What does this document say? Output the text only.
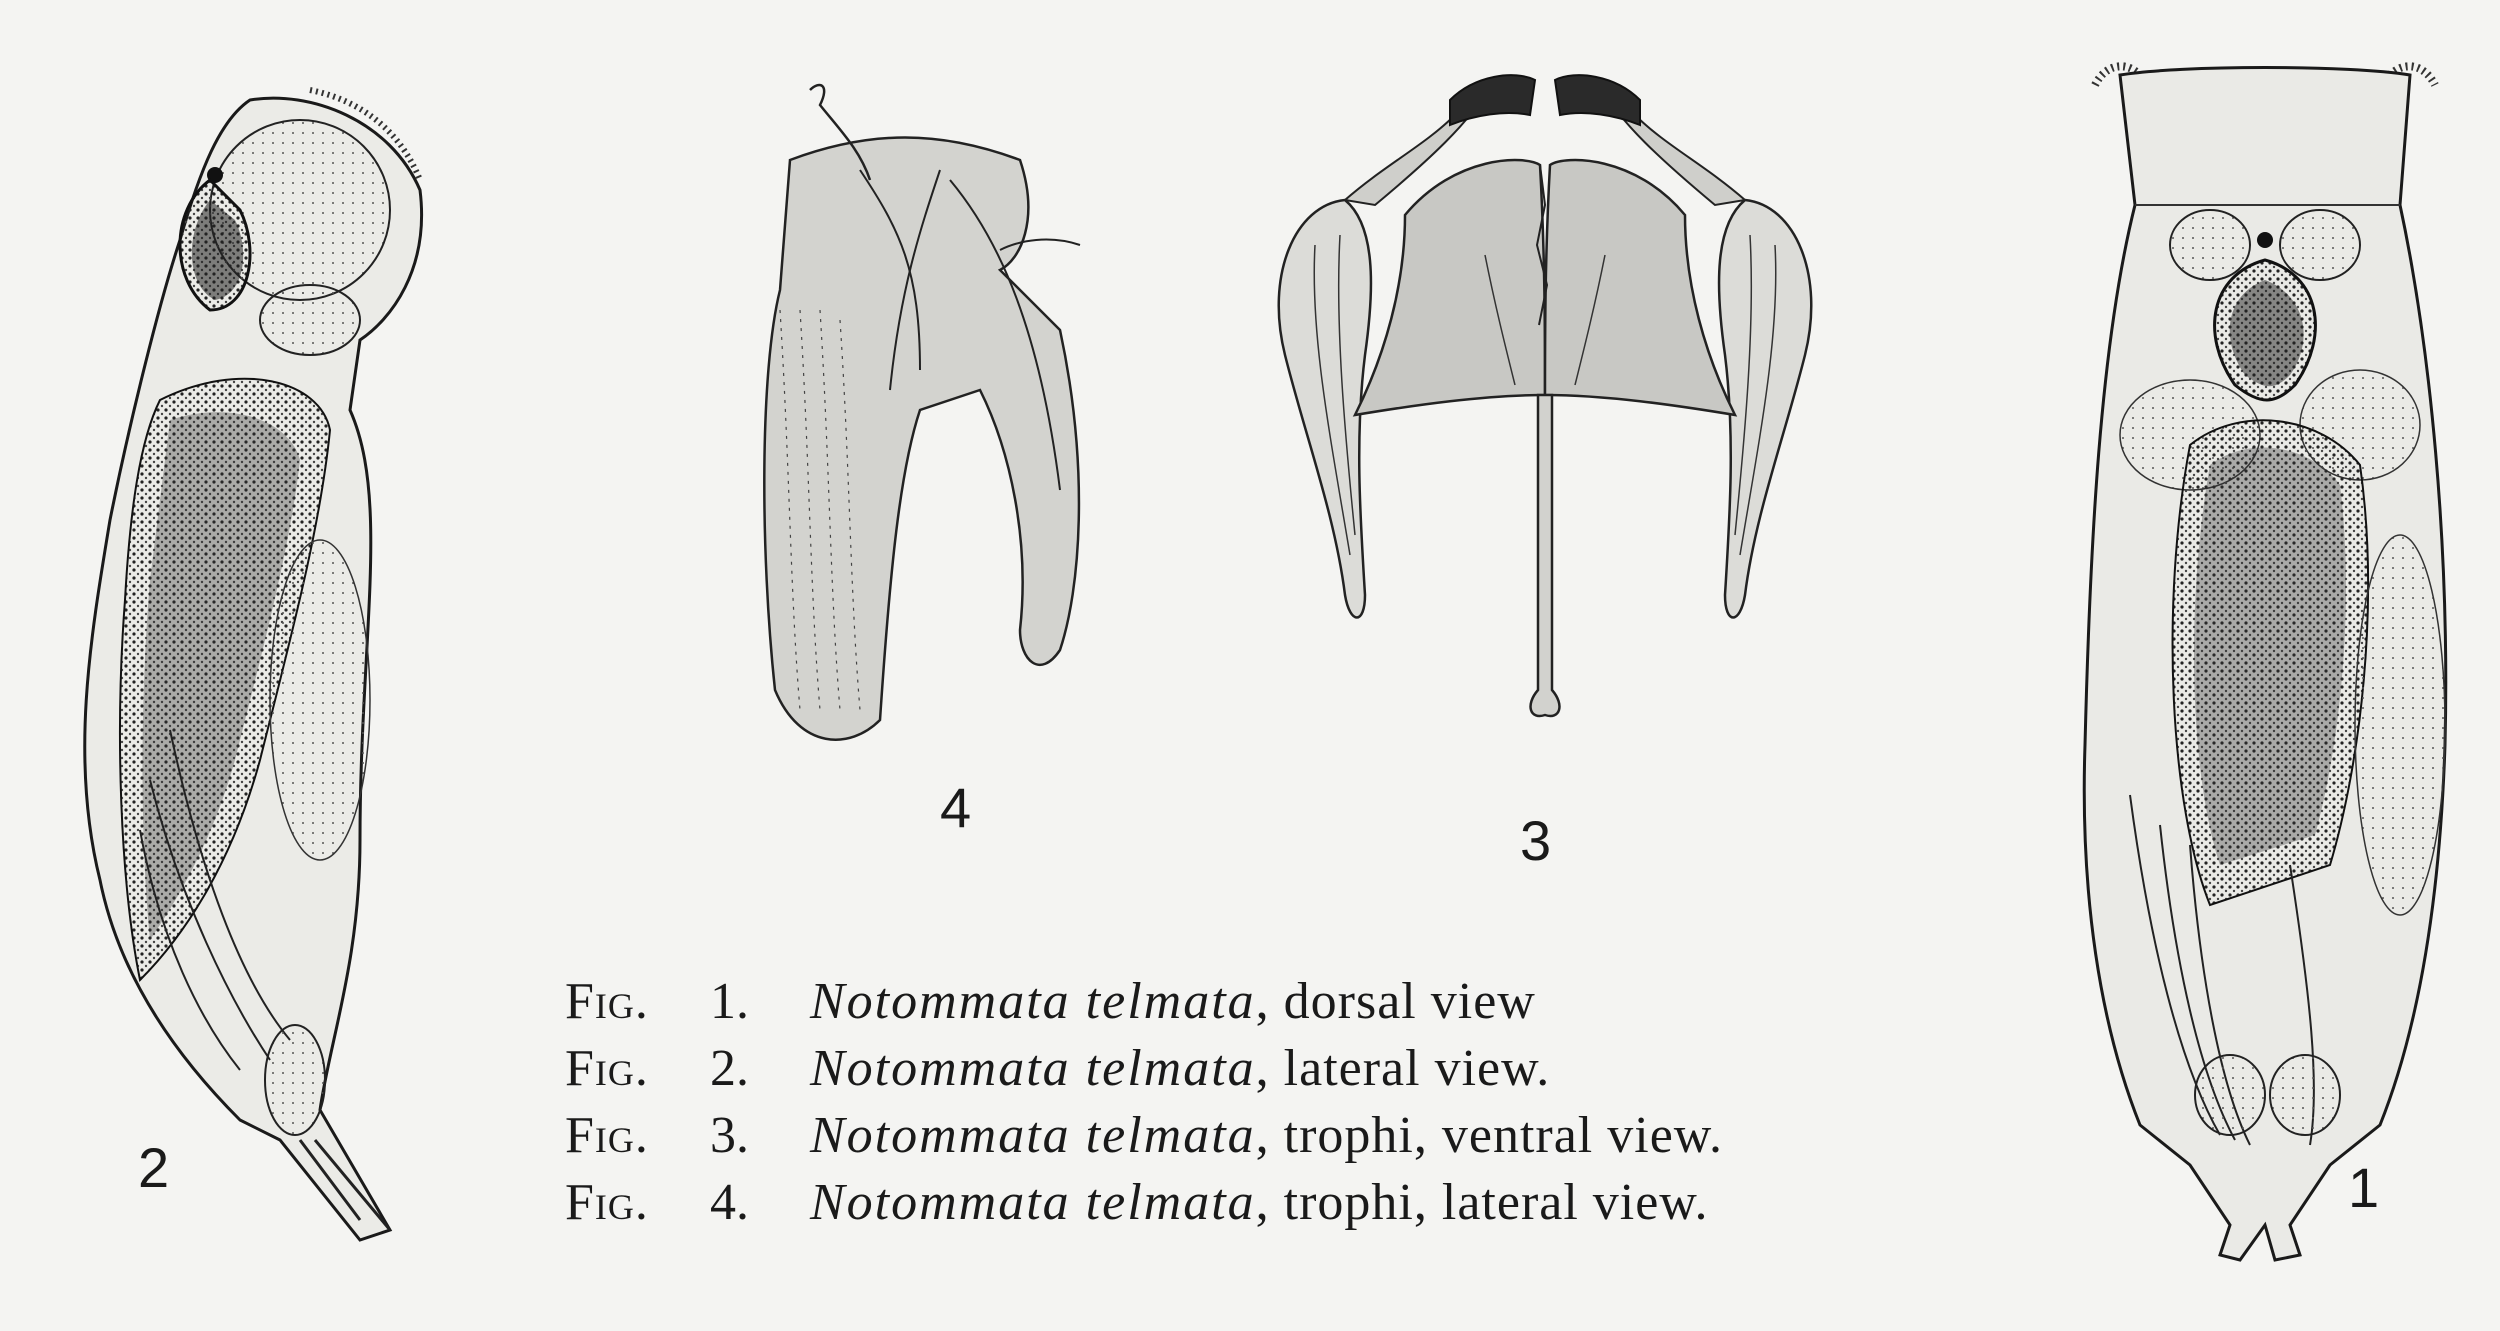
2
4
3
1
Fig.	1.	Notommata telmata , dorsal view
Fig.	2.	Notommata telmata , lateral view.
Fig.	3.	Notommata telmata , trophi, ventral view.
Fig.	4.	Notommata telmata , trophi, lateral view.
